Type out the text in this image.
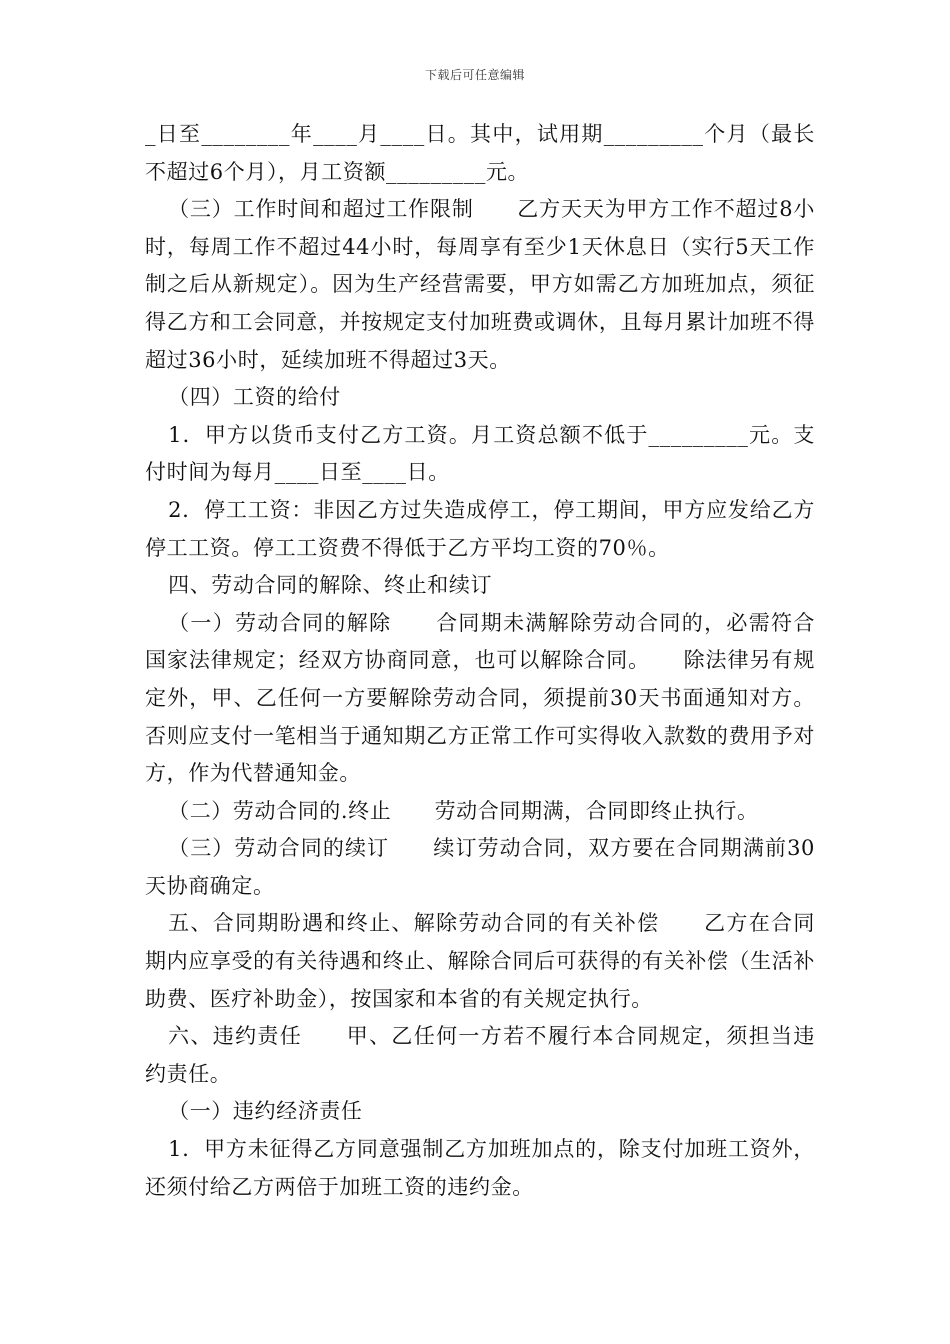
下载后可任意编辑

_日至________年____月____日。其中，试用期_________个月（最长不超过6个月），月工资额_________元。

（三）工作时间和超过工作限制　　乙方天天为甲方工作不超过8小时，每周工作不超过44小时，每周享有至少1天休息日（实行5天工作制之后从新规定）。因为生产经营需要，甲方如需乙方加班加点，须征得乙方和工会同意，并按规定支付加班费或调休，且每月累计加班不得超过36小时，延续加班不得超过3天。

（四）工资的给付

1．甲方以货币支付乙方工资。月工资总额不低于_________元。支付时间为每月____日至____日。

2．停工工资：非因乙方过失造成停工，停工期间，甲方应发给乙方停工工资。停工工资费不得低于乙方平均工资的70％。

四、劳动合同的解除、终止和续订

（一）劳动合同的解除　　合同期未满解除劳动合同的，必需符合国家法律规定；经双方协商同意，也可以解除合同。　　除法律另有规定外，甲、乙任何一方要解除劳动合同，须提前30天书面通知对方。否则应支付一笔相当于通知期乙方正常工作可实得收入款数的费用予对方，作为代替通知金。

（二）劳动合同的.终止　　劳动合同期满，合同即终止执行。

（三）劳动合同的续订　　续订劳动合同，双方要在合同期满前30天协商确定。

五、合同期盼遇和终止、解除劳动合同的有关补偿　　乙方在合同期内应享受的有关待遇和终止、解除合同后可获得的有关补偿（生活补助费、医疗补助金），按国家和本省的有关规定执行。

六、违约责任　　甲、乙任何一方若不履行本合同规定，须担当违约责任。

（一）违约经济责任

1．甲方未征得乙方同意强制乙方加班加点的，除支付加班工资外，还须付给乙方两倍于加班工资的违约金。
